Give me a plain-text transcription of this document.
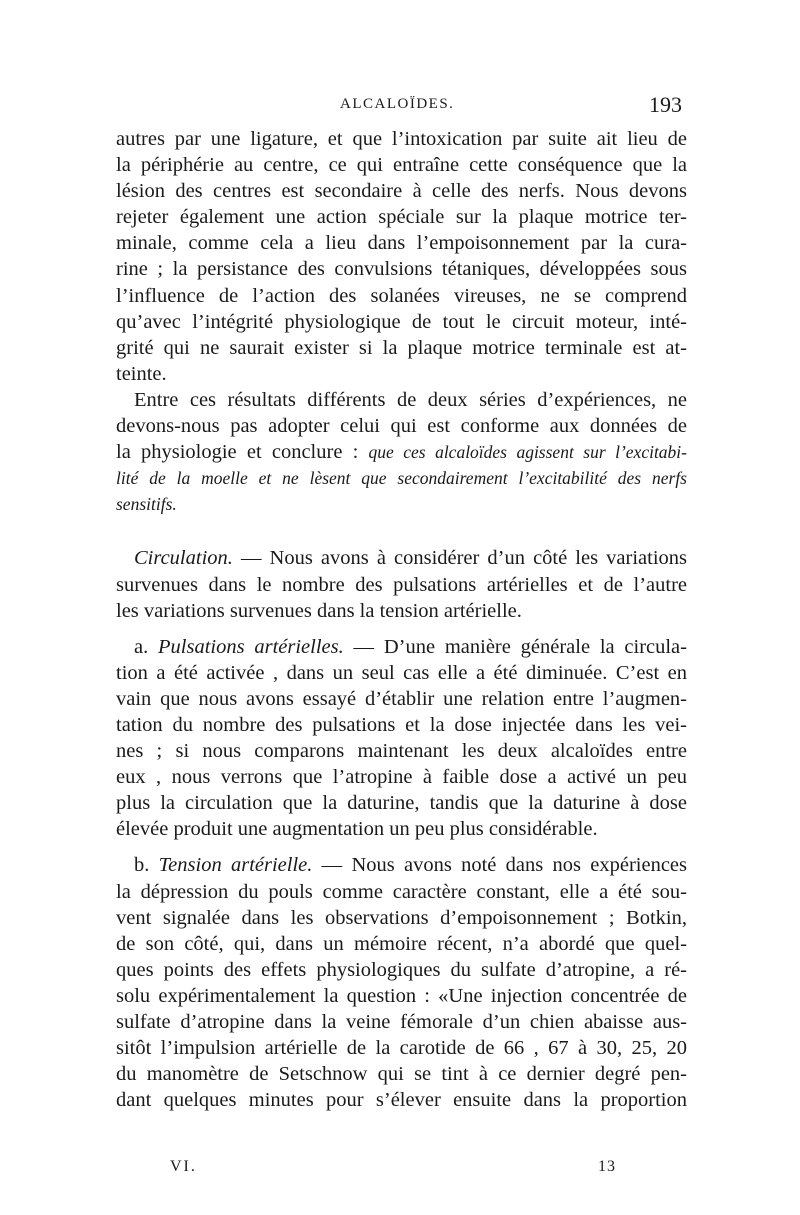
ALCALOÏDES.	193
autres par une ligature, et que l’intoxication par suite ait lieu de
la périphérie au centre, ce qui entraîne cette conséquence que la
lésion des centres est secondaire à celle des nerfs. Nous devons
rejeter également une action spéciale sur la plaque motrice ter-
minale, comme cela a lieu dans l’empoisonnement par la cura-
rine ; la persistance des convulsions tétaniques, développées sous
l’influence de l’action des solanées vireuses, ne se comprend
qu’avec l’intégrité physiologique de tout le circuit moteur, inté-
grité qui ne saurait exister si la plaque motrice terminale est at-
teinte.
Entre ces résultats différents de deux séries d’expériences, ne
devons-nous pas adopter celui qui est conforme aux données de
la physiologie et conclure : que ces alcaloïdes agissent sur l’excitabi-
lité de la moelle et ne lèsent que secondairement l’excitabilité des nerfs
sensitifs.
Circulation. — Nous avons à considérer d’un côté les variations
survenues dans le nombre des pulsations artérielles et de l’autre
les variations survenues dans la tension artérielle.
a. Pulsations artérielles. — D’une manière générale la circula-
tion a été activée , dans un seul cas elle a été diminuée. C’est en
vain que nous avons essayé d’établir une relation entre l’augmen-
tation du nombre des pulsations et la dose injectée dans les vei-
nes ; si nous comparons maintenant les deux alcaloïdes entre
eux , nous verrons que l’atropine à faible dose a activé un peu
plus la circulation que la daturine, tandis que la daturine à dose
élevée produit une augmentation un peu plus considérable.
b. Tension artérielle. — Nous avons noté dans nos expériences
la dépression du pouls comme caractère constant, elle a été sou-
vent signalée dans les observations d’empoisonnement ; Botkin,
de son côté, qui, dans un mémoire récent, n’a abordé que quel-
ques points des effets physiologiques du sulfate d’atropine, a ré-
solu expérimentalement la question : «Une injection concentrée de
sulfate d’atropine dans la veine fémorale d’un chien abaisse aus-
sitôt l’impulsion artérielle de la carotide de 66 , 67 à 30, 25, 20
du manomètre de Setschnow qui se tint à ce dernier degré pen-
dant quelques minutes pour s’élever ensuite dans la proportion
VI.	13
